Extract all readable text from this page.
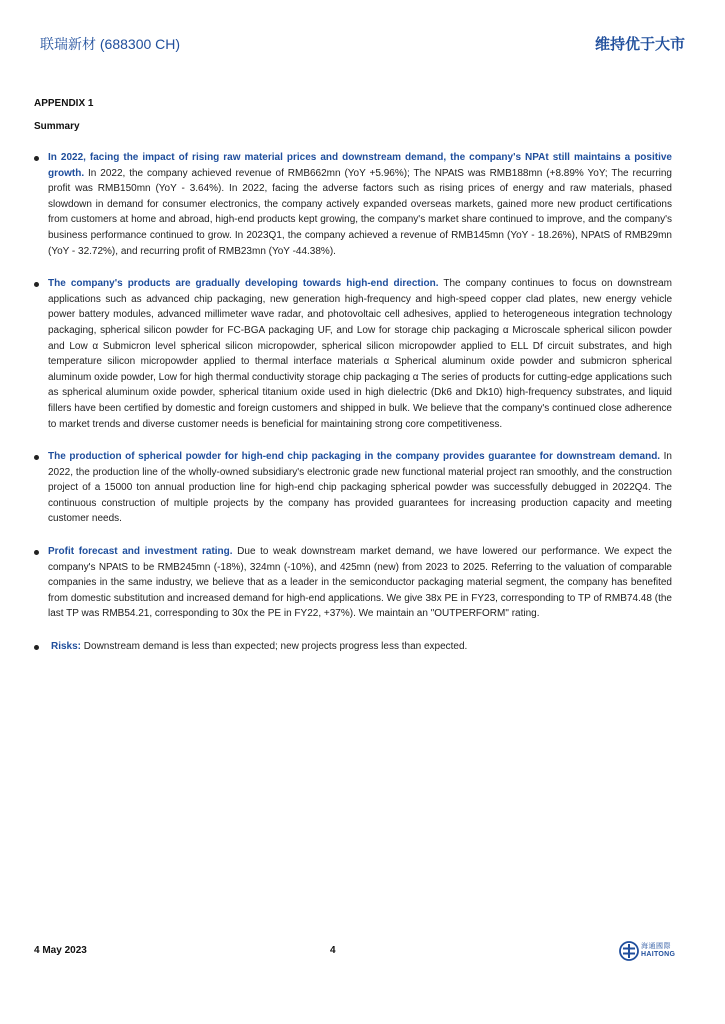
联瑞新材 (688300 CH)	维持优于大市
APPENDIX 1
Summary
In 2022, facing the impact of rising raw material prices and downstream demand, the company's NPAt still maintains a positive growth. In 2022, the company achieved revenue of RMB662mn (YoY +5.96%); The NPAtS was RMB188mn (+8.89% YoY; The recurring profit was RMB150mn (YoY - 3.64%). In 2022, facing the adverse factors such as rising prices of energy and raw materials, phased slowdown in demand for consumer electronics, the company actively expanded overseas markets, gained more new product certifications from customers at home and abroad, high-end products kept growing, the company's market share continued to improve, and the company's business performance continued to grow. In 2023Q1, the company achieved a revenue of RMB145mn (YoY - 18.26%), NPAtS of RMB29mn (YoY - 32.72%), and recurring profit of RMB23mn (YoY -44.38%).
The company's products are gradually developing towards high-end direction. The company continues to focus on downstream applications such as advanced chip packaging, new generation high-frequency and high-speed copper clad plates, new energy vehicle power battery modules, advanced millimeter wave radar, and photovoltaic cell adhesives, applied to heterogeneous integration technology packaging, spherical silicon powder for FC-BGA packaging UF, and Low for storage chip packaging α Microscale spherical silicon powder and Low α Submicron level spherical silicon micropowder, spherical silicon micropowder applied to ELL Df circuit substrates, and high temperature silicon micropowder applied to thermal interface materials α Spherical aluminum oxide powder and submicron spherical aluminum oxide powder, Low for high thermal conductivity storage chip packaging α The series of products for cutting-edge applications such as spherical aluminum oxide powder, spherical titanium oxide used in high dielectric (Dk6 and Dk10) high-frequency substrates, and liquid fillers have been certified by domestic and foreign customers and shipped in bulk. We believe that the company's continued close adherence to market trends and diverse customer needs is beneficial for maintaining strong core competitiveness.
The production of spherical powder for high-end chip packaging in the company provides guarantee for downstream demand. In 2022, the production line of the wholly-owned subsidiary's electronic grade new functional material project ran smoothly, and the construction project of a 15000 ton annual production line for high-end chip packaging spherical powder was successfully debugged in 2022Q4. The continuous construction of multiple projects by the company has provided guarantees for increasing production capacity and meeting customer needs.
Profit forecast and investment rating. Due to weak downstream market demand, we have lowered our performance. We expect the company's NPAtS to be RMB245mn (-18%), 324mn (-10%), and 425mn (new) from 2023 to 2025. Referring to the valuation of comparable companies in the same industry, we believe that as a leader in the semiconductor packaging material segment, the company has benefited from domestic substitution and increased demand for high-end applications. We give 38x PE in FY23, corresponding to TP of RMB74.48 (the last TP was RMB54.21, corresponding to 30x the PE in FY22, +37%). We maintain an "OUTPERFORM" rating.
Risks: Downstream demand is less than expected; new projects progress less than expected.
4 May 2023	4	海通國際
HAITONG
